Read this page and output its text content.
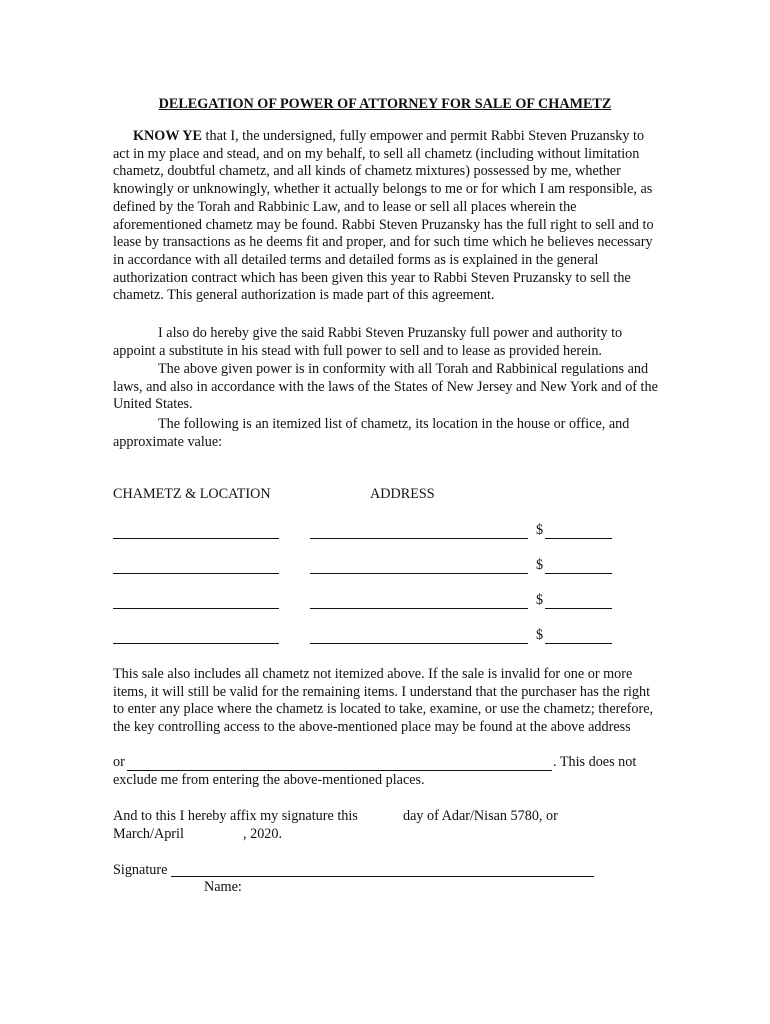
DELEGATION OF POWER OF ATTORNEY FOR SALE OF CHAMETZ
KNOW YE that I, the undersigned, fully empower and permit Rabbi Steven Pruzansky to act in my place and stead, and on my behalf, to sell all chametz (including without limitation chametz, doubtful chametz, and all kinds of chametz mixtures) possessed by me, whether knowingly or unknowingly, whether it actually belongs to me or for which I am responsible, as defined by the Torah and Rabbinic Law, and to lease or sell all places wherein the aforementioned chametz may be found. Rabbi Steven Pruzansky has the full right to sell and to lease by transactions as he deems fit and proper, and for such time which he believes necessary in accordance with all detailed terms and detailed forms as is explained in the general authorization contract which has been given this year to Rabbi Steven Pruzansky to sell the chametz. This general authorization is made part of this agreement.
I also do hereby give the said Rabbi Steven Pruzansky full power and authority to appoint a substitute in his stead with full power to sell and to lease as provided herein.
The above given power is in conformity with all Torah and Rabbinical regulations and laws, and also in accordance with the laws of the States of New Jersey and New York and of the United States.
The following is an itemized list of chametz, its location in the house or office, and approximate value:
CHAMETZ & LOCATION	ADDRESS
$
$
$
$
This sale also includes all chametz not itemized above. If the sale is invalid for one or more items, it will still be valid for the remaining items. I understand that the purchaser has the right to enter any place where the chametz is located to take, examine, or use the chametz; therefore, the key controlling access to the above-mentioned place may be found at the above address
or	. This does not
exclude me from entering the above-mentioned places.
And to this I hereby affix my signature this	day of Adar/Nisan 5780, or
March/April	, 2020.
Signature
Name:
